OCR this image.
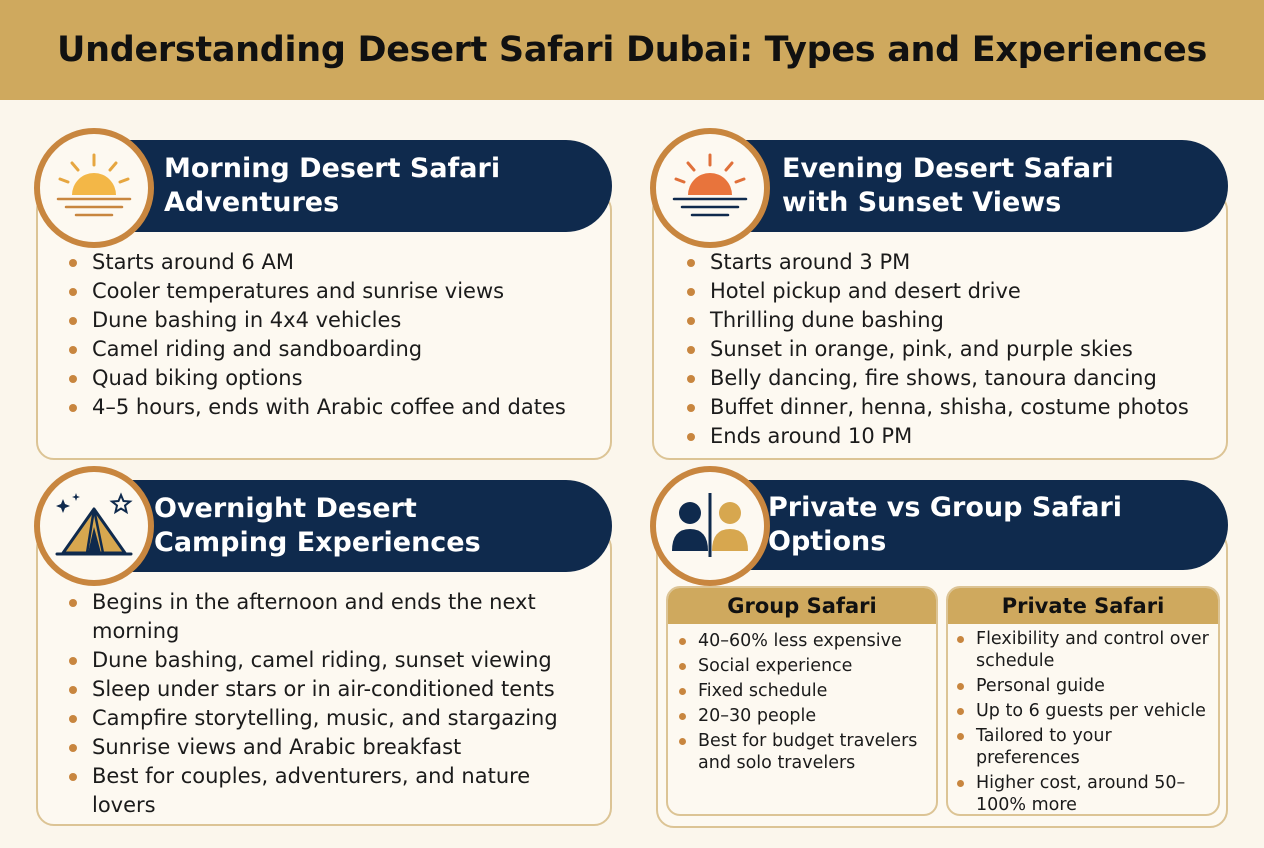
Understanding Desert Safari Dubai: Types and Experiences
Morning Desert Safari
Adventures
Starts around 6 AM
Cooler temperatures and sunrise views
Dune bashing in 4x4 vehicles
Camel riding and sandboarding
Quad biking options
4–5 hours, ends with Arabic coffee and dates
Evening Desert Safari
with Sunset Views
Starts around 3 PM
Hotel pickup and desert drive
Thrilling dune bashing
Sunset in orange, pink, and purple skies
Belly dancing, fire shows, tanoura dancing
Buffet dinner, henna, shisha, costume photos
Ends around 10 PM
Overnight Desert
Camping Experiences
Begins in the afternoon and ends the next morning
Dune bashing, camel riding, sunset viewing
Sleep under stars or in air-conditioned tents
Campfire storytelling, music, and stargazing
Sunrise views and Arabic breakfast
Best for couples, adventurers, and nature lovers
Private vs Group Safari Options
Group Safari
40–60% less expensive
Social experience
Fixed schedule
20–30 people
Best for budget travelers and solo travelers
Private Safari
Flexibility and control over schedule
Personal guide
Up to 6 guests per vehicle
Tailored to your preferences
Higher cost, around 50–100% more
